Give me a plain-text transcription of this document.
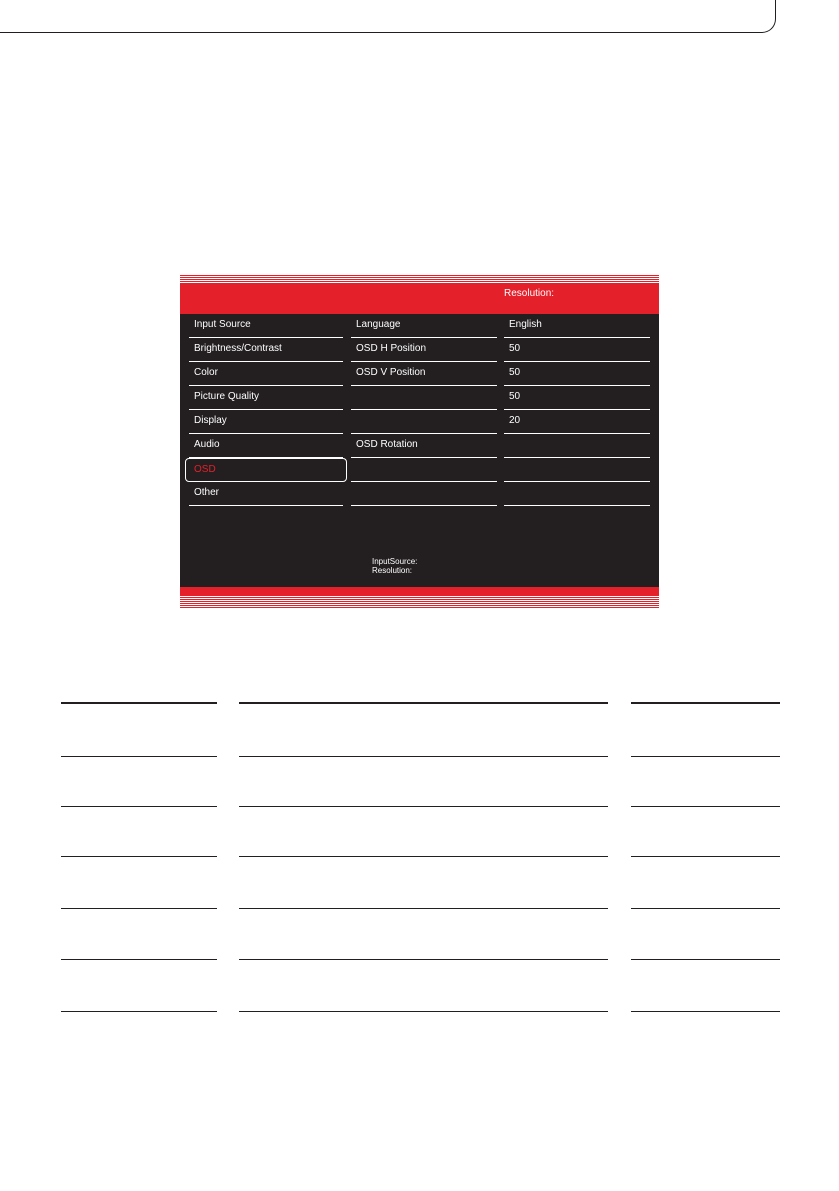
Resolution:
Input Source
Brightness/Contrast
Color
Picture Quality
Display
Audio
OSD
Other
Language
OSD H Position
OSD V Position
OSD Rotation
English
50
50
50
20
InputSource:
Resolution:
